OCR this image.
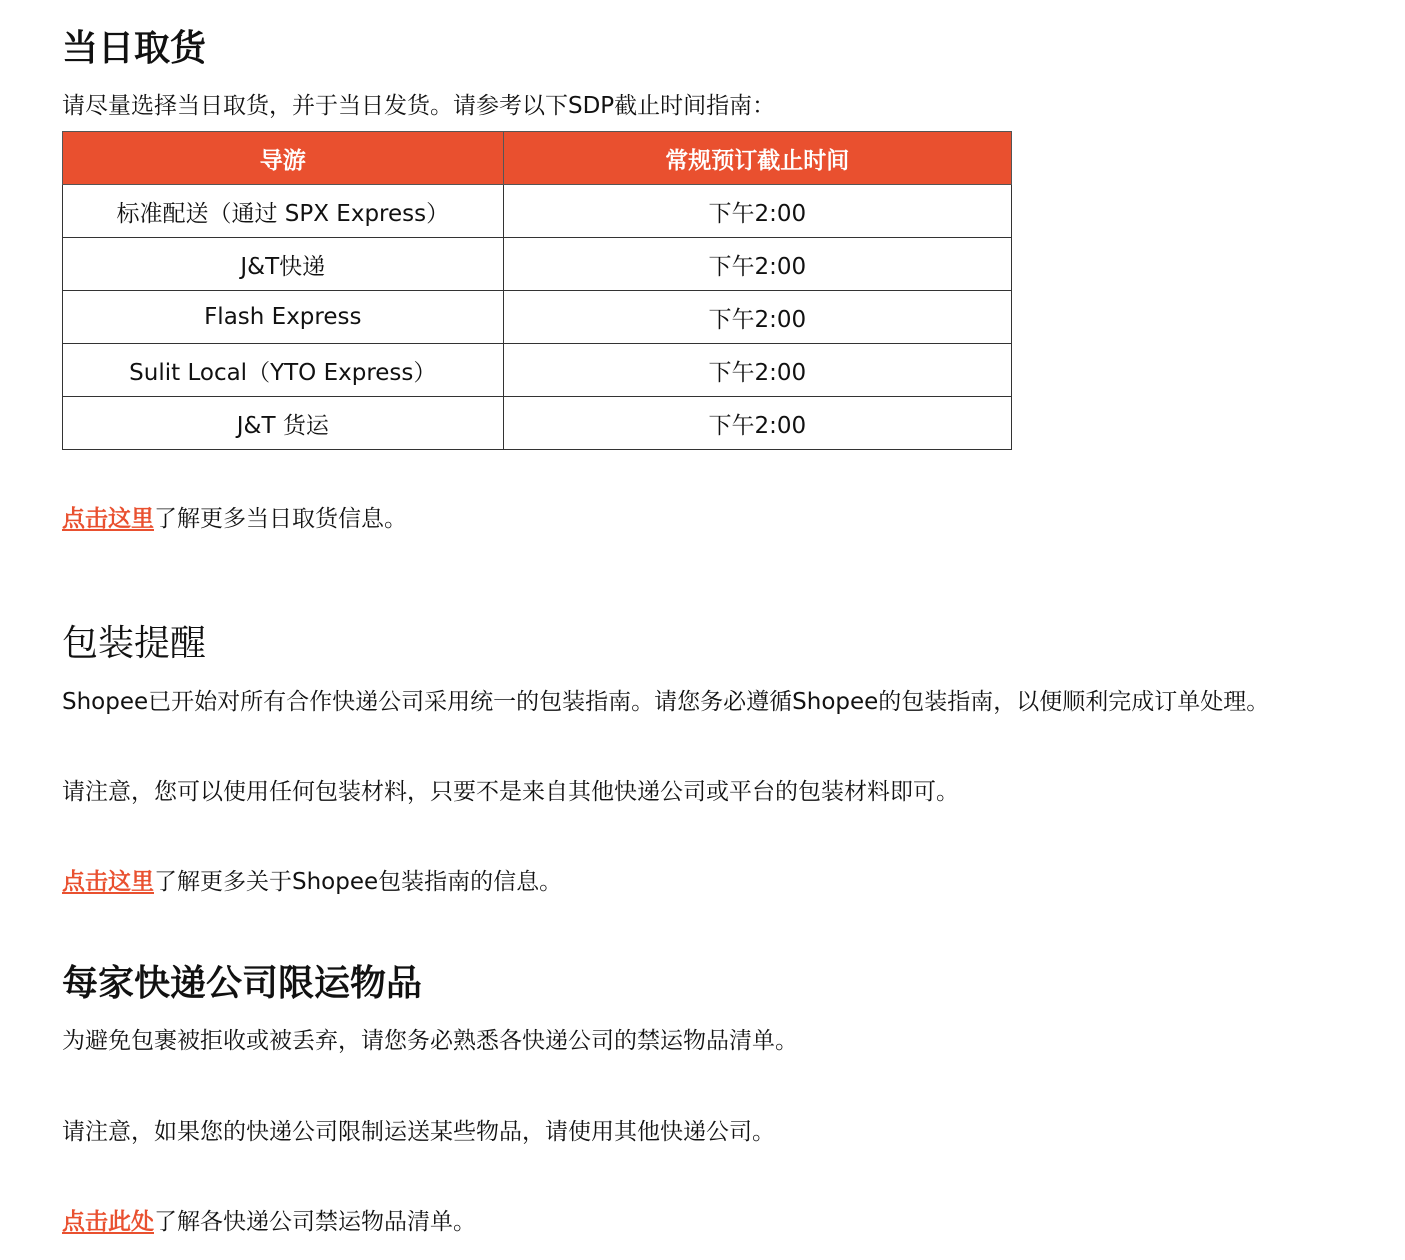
当日取货

请尽量选择当日取货，并于当日发货。请参考以下SDP截止时间指南：

导游	常规预订截止时间
标准配送（通过 SPX Express）	下午2:00
J&T快递	下午2:00
Flash Express	下午2:00
Sulit Local（YTO Express）	下午2:00
J&T 货运	下午2:00

点击这里了解更多当日取货信息。

包装提醒

Shopee已开始对所有合作快递公司采用统一的包装指南。请您务必遵循Shopee的包装指南，以便顺利完成订单处理。

请注意，您可以使用任何包装材料，只要不是来自其他快递公司或平台的包装材料即可。

点击这里了解更多关于Shopee包装指南的信息。

每家快递公司限运物品

为避免包裹被拒收或被丢弃，请您务必熟悉各快递公司的禁运物品清单。

请注意，如果您的快递公司限制运送某些物品，请使用其他快递公司。

点击此处了解各快递公司禁运物品清单。
